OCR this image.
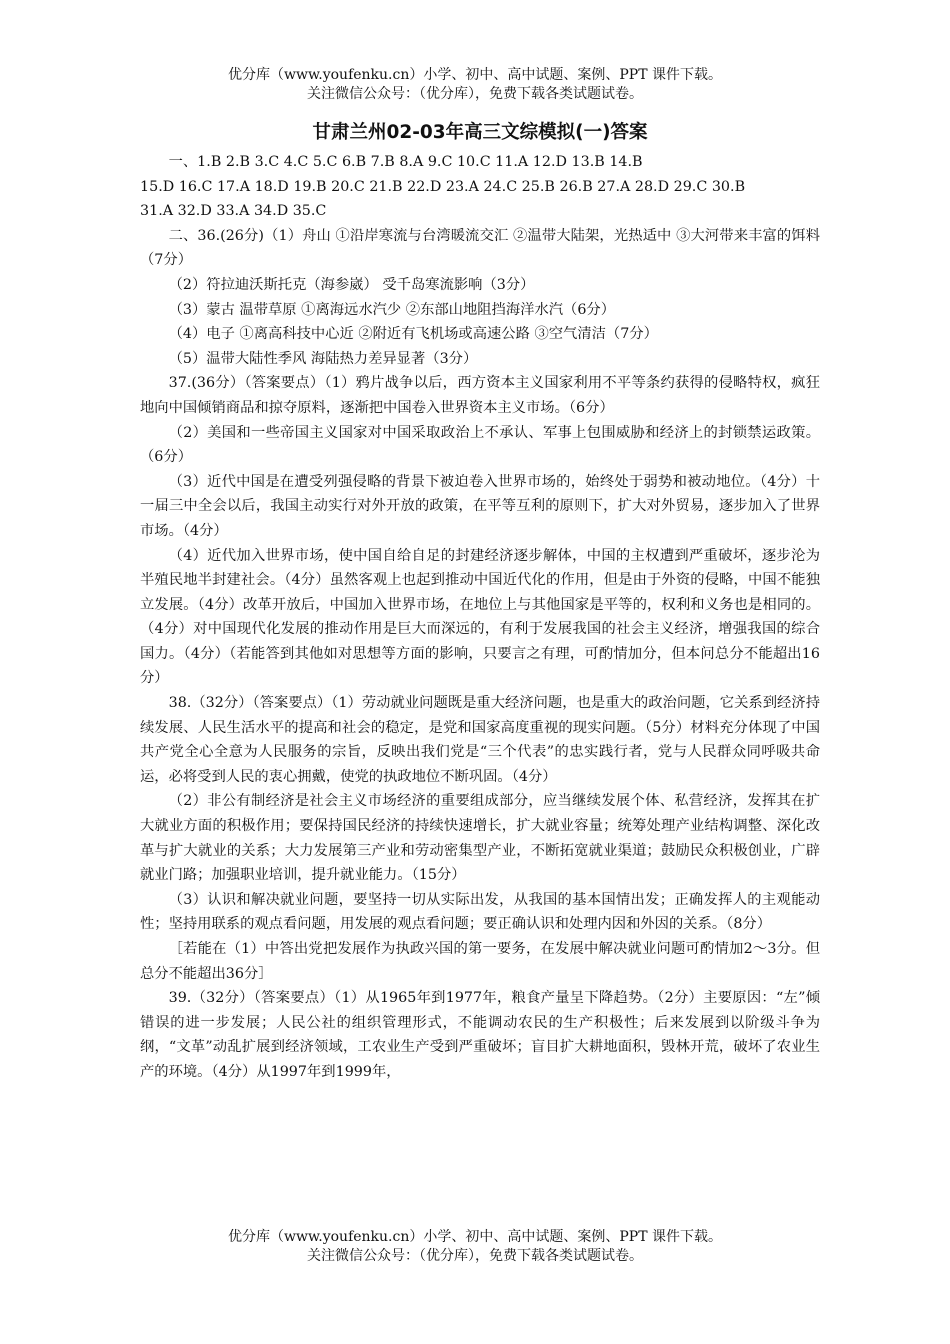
优分库（www.youfenku.cn）小学、初中、高中试题、案例、PPT 课件下载。

关注微信公众号：（优分库），免费下载各类试题试卷。

甘肃兰州02-03年高三文综模拟(一)答案

一、1.B 2.B 3.C 4.C 5.C 6.B 7.B 8.A 9.C 10.C 11.A 12.D 13.B 14.B

15.D 16.C 17.A 18.D 19.B 20.C 21.B 22.D 23.A 24.C 25.B 26.B 27.A 28.D 29.C 30.B

31.A 32.D 33.A 34.D 35.C

二、36.(26分)（1）舟山 ①沿岸寒流与台湾暖流交汇 ②温带大陆架，光热适中 ③大河带来丰富的饵料（7分）

（2）符拉迪沃斯托克（海参崴） 受千岛寒流影响（3分）

（3）蒙古 温带草原 ①离海远水汽少 ②东部山地阻挡海洋水汽（6分）

（4）电子 ①离高科技中心近 ②附近有飞机场或高速公路 ③空气清洁（7分）

（5）温带大陆性季风 海陆热力差异显著（3分）

37.(36分）（答案要点）（1）鸦片战争以后，西方资本主义国家利用不平等条约获得的侵略特权，疯狂地向中国倾销商品和掠夺原料，逐渐把中国卷入世界资本主义市场。（6分）

（2）美国和一些帝国主义国家对中国采取政治上不承认、军事上包围威胁和经济上的封锁禁运政策。（6分）

（3）近代中国是在遭受列强侵略的背景下被迫卷入世界市场的，始终处于弱势和被动地位。（4分）十一届三中全会以后，我国主动实行对外开放的政策，在平等互利的原则下，扩大对外贸易，逐步加入了世界市场。（4分）

（4）近代加入世界市场，使中国自给自足的封建经济逐步解体，中国的主权遭到严重破坏，逐步沦为半殖民地半封建社会。（4分）虽然客观上也起到推动中国近代化的作用，但是由于外资的侵略，中国不能独立发展。（4分）改革开放后，中国加入世界市场，在地位上与其他国家是平等的，权利和义务也是相同的。（4分）对中国现代化发展的推动作用是巨大而深远的，有利于发展我国的社会主义经济，增强我国的综合国力。（4分）（若能答到其他如对思想等方面的影响，只要言之有理，可酌情加分，但本问总分不能超出16分）

38.（32分）（答案要点）（1）劳动就业问题既是重大经济问题，也是重大的政治问题，它关系到经济持续发展、人民生活水平的提高和社会的稳定，是党和国家高度重视的现实问题。（5分）材料充分体现了中国共产党全心全意为人民服务的宗旨，反映出我们党是“三个代表”的忠实践行者，党与人民群众同呼吸共命运，必将受到人民的衷心拥戴，使党的执政地位不断巩固。（4分）

（2）非公有制经济是社会主义市场经济的重要组成部分，应当继续发展个体、私营经济，发挥其在扩大就业方面的积极作用；要保持国民经济的持续快速增长，扩大就业容量；统筹处理产业结构调整、深化改革与扩大就业的关系；大力发展第三产业和劳动密集型产业，不断拓宽就业渠道；鼓励民众积极创业，广辟就业门路；加强职业培训，提升就业能力。（15分）

（3）认识和解决就业问题，要坚持一切从实际出发，从我国的基本国情出发；正确发挥人的主观能动性；坚持用联系的观点看问题，用发展的观点看问题；要正确认识和处理内因和外因的关系。（8分）

［若能在（1）中答出党把发展作为执政兴国的第一要务，在发展中解决就业问题可酌情加2～3分。但总分不能超出36分］

39.（32分）（答案要点）（1）从1965年到1977年，粮食产量呈下降趋势。（2分）主要原因：“左”倾错误的进一步发展；人民公社的组织管理形式，不能调动农民的生产积极性；后来发展到以阶级斗争为纲，“文革”动乱扩展到经济领域，工农业生产受到严重破坏；盲目扩大耕地面积，毁林开荒，破坏了农业生产的环境。（4分）从1997年到1999年，

优分库（www.youfenku.cn）小学、初中、高中试题、案例、PPT 课件下载。

关注微信公众号：（优分库），免费下载各类试题试卷。
